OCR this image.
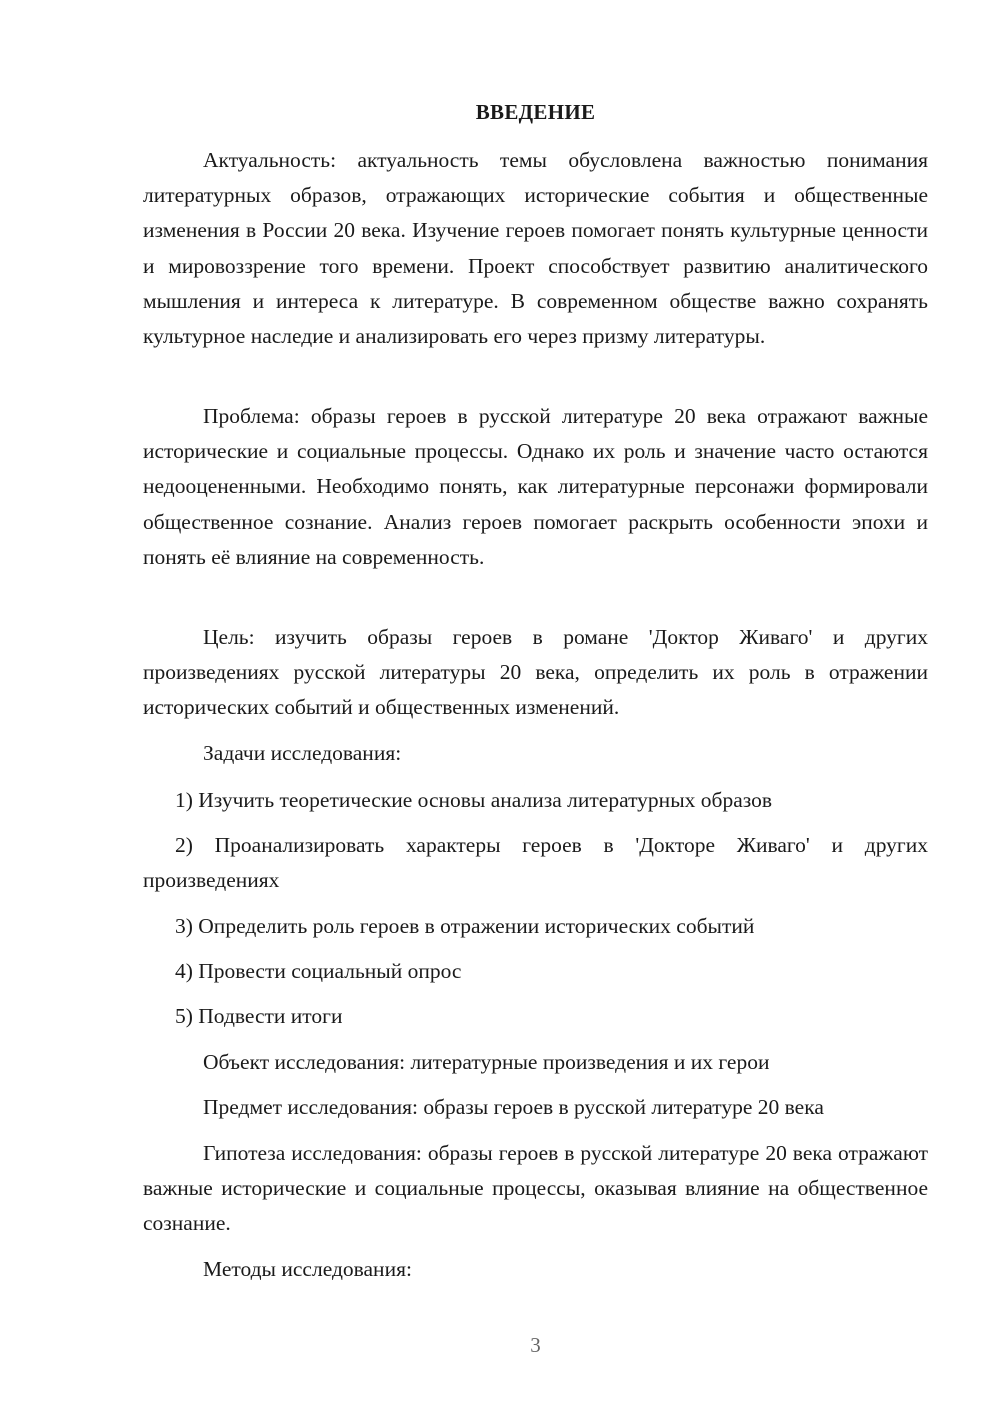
ВВЕДЕНИЕ

Актуальность: актуальность темы обусловлена важностью понимания литературных образов, отражающих исторические события и общественные изменения в России 20 века. Изучение героев помогает понять культурные ценности и мировоззрение того времени. Проект способствует развитию аналитического мышления и интереса к литературе. В современном обществе важно сохранять культурное наследие и анализировать его через призму литературы.

Проблема: образы героев в русской литературе 20 века отражают важные исторические и социальные процессы. Однако их роль и значение часто остаются недооцененными. Необходимо понять, как литературные персонажи формировали общественное сознание. Анализ героев помогает раскрыть особенности эпохи и понять её влияние на современность.

Цель: изучить образы героев в романе 'Доктор Живаго' и других произведениях русской литературы 20 века, определить их роль в отражении исторических событий и общественных изменений.

Задачи исследования:

1) Изучить теоретические основы анализа литературных образов

2) Проанализировать характеры героев в 'Докторе Живаго' и других произведениях

3) Определить роль героев в отражении исторических событий

4) Провести социальный опрос

5) Подвести итоги

Объект исследования: литературные произведения и их герои

Предмет исследования: образы героев в русской литературе 20 века

Гипотеза исследования: образы героев в русской литературе 20 века отражают важные исторические и социальные процессы, оказывая влияние на общественное сознание.

Методы исследования:

3
